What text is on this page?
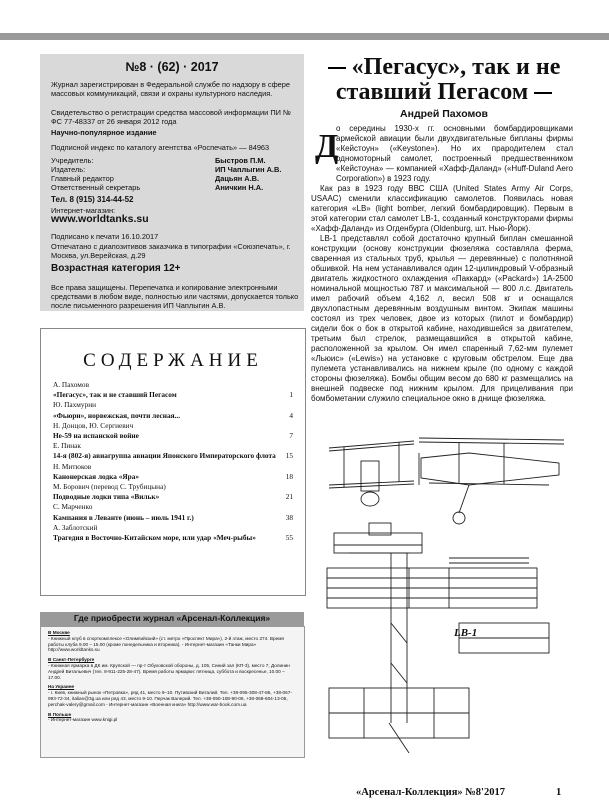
№8 · (62) · 2017
Журнал зарегистрирован в Федеральной службе по надзору в сфере массовых коммуникаций, связи и охраны культурного наследия.
Свидетельство о регистрации средства массовой информации ПИ № ФС 77-48337 от 26 января 2012 года
Научно-популярное издание
Подписной индекс по каталогу агентства «Роспечать» — 84963
Учредитель:	Быстров П.М.
Издатель:	ИП Чаплыгин А.В.
Главный редактор	Дацьян А.В.
Ответственный секретарь	Аничкин Н.А.
Тел. 8 (915) 314-44-52
Интернет-магазин:
www.worldtanks.su
Подписано к печати 16.10.2017
Отпечатано с диапозитивов заказчика в типографии «Союзпечать», г. Москва, ул.Верейская, д.29
Возрастная категория 12+
Все права защищены. Перепечатка и копирование электронными средствами в любом виде, полностью или частями, допускается только после письменного разрешения ИП Чаплыгин А.В.
СОДЕРЖАНИЕ
А. Пахомов
«Пегасус», так и не ставший Пегасом	1
Ю. Пахмурин
«Фьюри», норвежская, почти лесная...	4
Н. Донцов, Ю. Сергиевич
Не-59 на испанской войне	7
Е. Пинак
14-я (802-я) авиагруппа авиации Японского Императорского флота 15
Н. Митюков
Канонерская лодка «Яра»	18
М. Борович (перевод С. Трубицына)
Подводные лодки типа «Вильк»	21
С. Марченко
Кампания в Леванте (июнь – июль 1941 г.)	38
А. Заблотский
Трагедия в Восточно-Китайском море, или удар «Меч-рыбы»	55
Где приобрести журнал «Арсенал-Коллекция»
В Москве
- Книжный клуб в спорткомплексе «Олимпийский» (ст. метро «Проспект Мира»), 2-й этаж, место 274. Время работы клуба 9.00 – 15.00 (кроме понедельника и вторника). - Интернет-магазин «Танки Мира» http://www.worldtanks.su
В Санкт-Петербурге
- Книжная ярмарка в ДК им. Крупской — пр-т Обуховской обороны, д. 105, Синий зал (КП-3), место 7, Долинин Андрей Витальевич (тел. 8-911-225-28-47). Время работы ярмарки: пятница, суббота и воскресенье, 10.00 – 17.00.
На Украине
- г. Киев, книжный рынок «Петровка», ряд 41, место 9–10. Путивский Виталий. Тел. +38-095-308-47-86, +38-067-993-72-34, italian@3g.ua или ряд 43, место 9-10. Перчак Валерий. Тел. +38-050-108-90-06, +38-068-604-13-05, perchak-valery@gmail.com - Интернет-магазин «Военная книга» http://www.war-book.com.ua
В Польше
- Интернет-магазин www.knigi.pl
«Пегасус», так и не ставший Пегасом
Андрей Пахомов

о середины 1930-х гг. основными бомбардировщиками армейской авиации были двухдвигательные бипланы фирмы «Кейстоун» («Keystone»). Но их прародителем стал одномоторный самолет, построенный предшественником «Кейстоуна» — компанией «Хафф-Даланд» («Huff-Duland Aero Corporation») в 1923 году.

Как раз в 1923 году ВВС США (United States Army Air Corps, USAAC) сменили классификацию самолетов. Появилась новая категория «LB» (light bomber, легкий бомбардировщик). Первым в этой категории стал самолет LB-1, созданный конструкторами фирмы «Хафф-Даланд» из Огденбурга (Oldenburg, шт. Нью-Йорк).

LB-1 представлял собой достаточно крупный биплан смешанной конструкции (основу конструкции фюзеляжа составляла ферма, сваренная из стальных труб, крылья — деревянные) с полотняной обшивкой. На нем устанавливался один 12-цилиндровый V-образный двигатель жидкостного охлаждения «Паккард» («Packard») 1А-2500 номинальной мощностью 787 и максимальной — 800 л.с. Двигатель имел рабочий объем 4,162 л, весил 508 кг и оснащался двухлопастным деревянным воздушным винтом. Экипаж машины состоял из трех человек, двое из которых (пилот и бомбардир) сидели бок о бок в открытой кабине, находившейся за двигателем, третьим был стрелок, размещавшийся в открытой кабине, расположенной за крылом. Он имел спаренный 7,62-мм пулемет «Льюис» («Lewis») на установке с круговым обстрелом. Еще два пулемета устанавливались на нижнем крыле (по одному с каждой стороны фюзеляжа). Бомбы общим весом до 680 кг размещались на внешней подвеске под нижним крылом. Для прицеливания при бомбометании служило специальное окно в днище фюзеляжа.

Д
LB-1
«Арсенал-Коллекция» №8'2017	1
